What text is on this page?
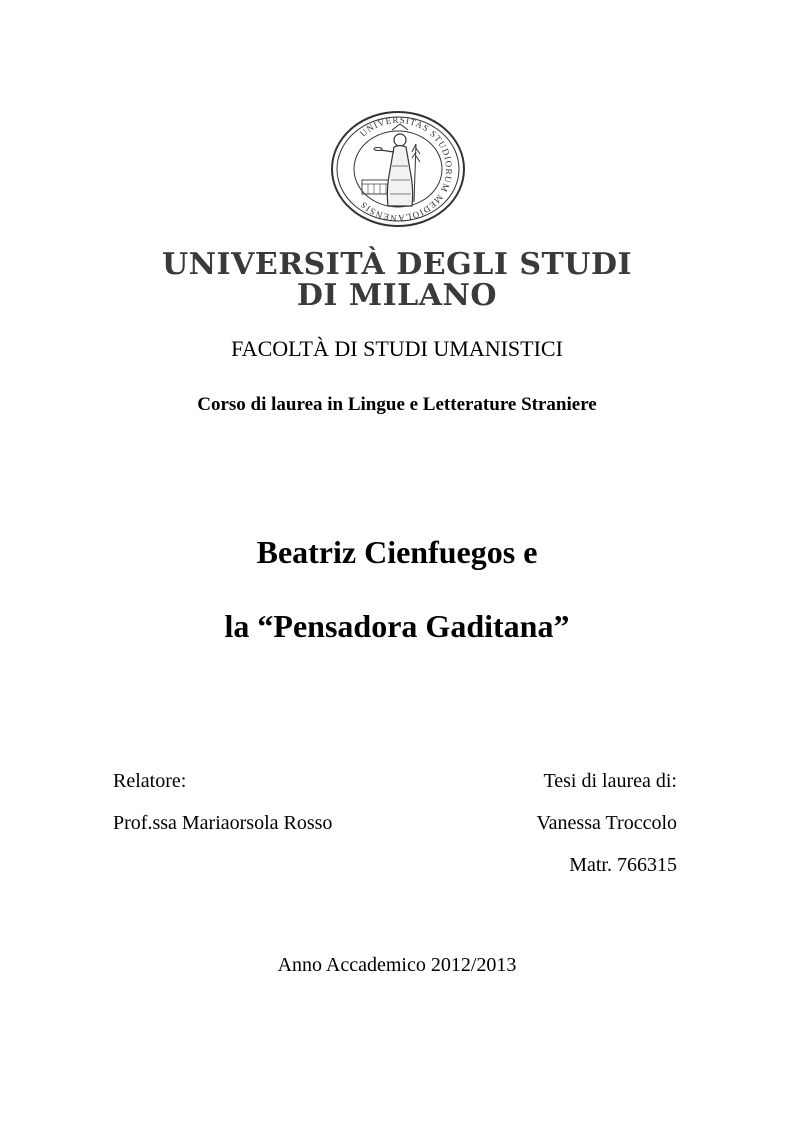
UNIVERSITAS STUDIORUM MEDIOLANENSIS
UNIVERSITÀ DEGLI STUDI
DI MILANO
FACOLTÀ DI STUDI UMANISTICI
Corso di laurea in Lingue e Letterature Straniere
Beatriz Cienfuegos e
la “Pensadora Gaditana”
Relatore:
Prof.ssa Mariaorsola Rosso
Tesi di laurea di:
Vanessa Troccolo
Matr. 766315
Anno Accademico 2012/2013
